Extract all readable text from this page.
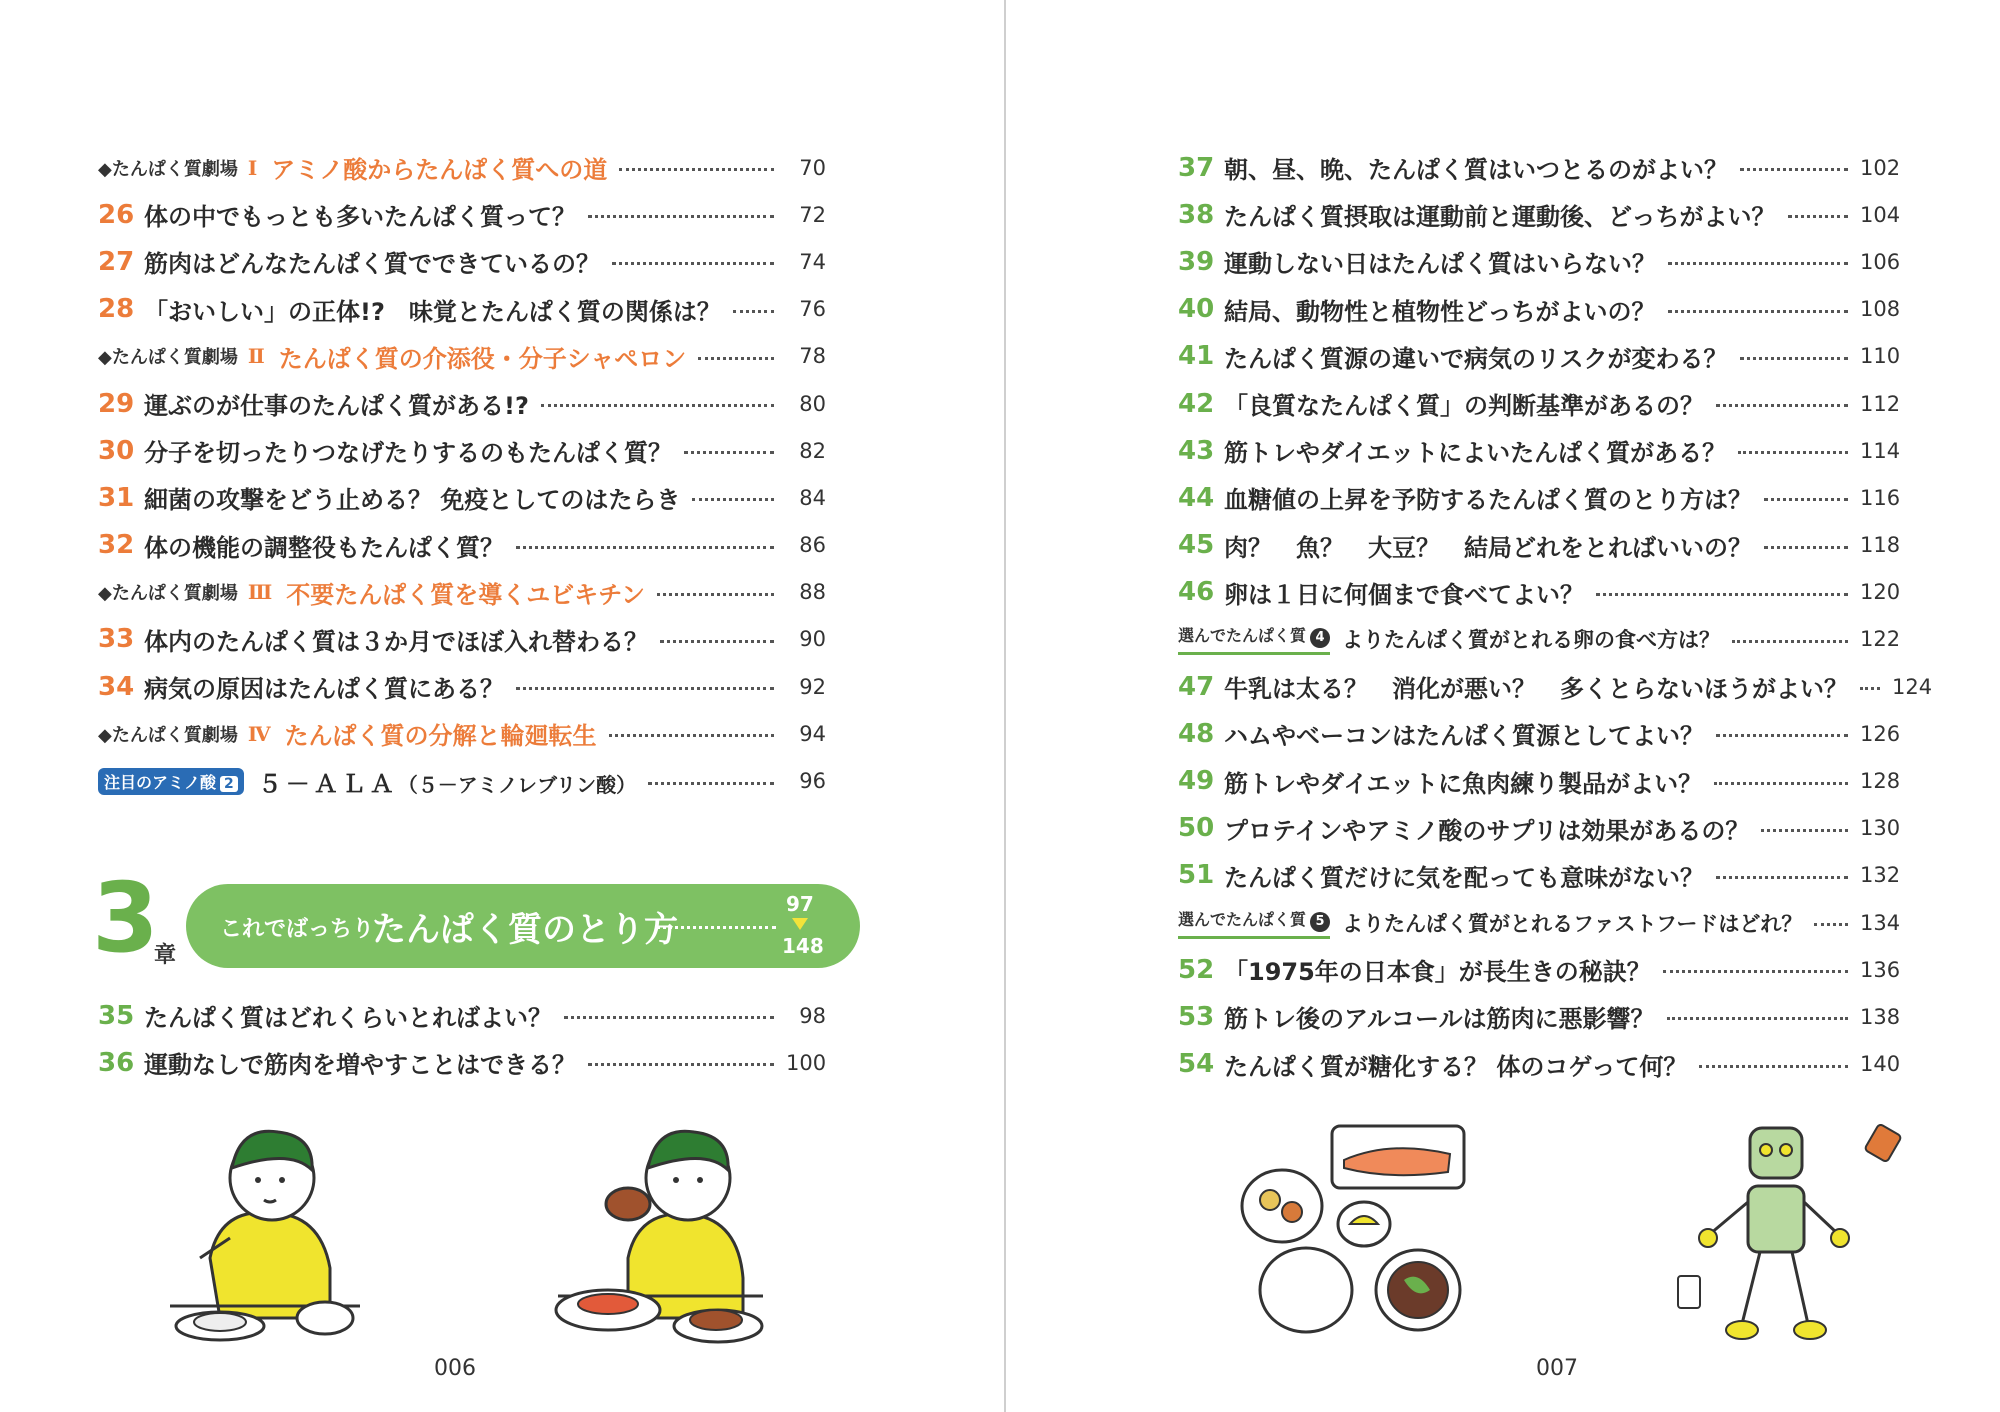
◆たんぱく質劇場 Ⅰ アミノ酸からたんぱく質への道	70
26 体の中でもっとも多いたんぱく質って？	72
27 筋肉はどんなたんぱく質でできているの？	74
28 「おいしい」の正体!?　味覚とたんぱく質の関係は？	76
◆たんぱく質劇場 Ⅱ たんぱく質の介添役・分子シャペロン	78
29 運ぶのが仕事のたんぱく質がある!?	80
30 分子を切ったりつなげたりするのもたんぱく質？	82
31 細菌の攻撃をどう止める？ 免疫としてのはたらき	84
32 体の機能の調整役もたんぱく質？	86
◆たんぱく質劇場 Ⅲ 不要たんぱく質を導くユビキチン	88
33 体内のたんぱく質は３か月でほぼ入れ替わる？	90
34 病気の原因はたんぱく質にある？	92
◆たんぱく質劇場 Ⅳ たんぱく質の分解と輪廻転生	94
注目のアミノ酸 2	５－ＡＬＡ（５－アミノレブリン酸）	96
3
章
これでばっちり
たんぱく質のとり方
97
148
35 たんぱく質はどれくらいとればよい？	98
36 運動なしで筋肉を増やすことはできる？	100
006
37 朝、昼、晩、たんぱく質はいつとるのがよい？	102
38 たんぱく質摂取は運動前と運動後、どっちがよい？	104
39 運動しない日はたんぱく質はいらない？	106
40 結局、動物性と植物性どっちがよいの？	108
41 たんぱく質源の違いで病気のリスクが変わる？	110
42 「良質なたんぱく質」の判断基準があるの？	112
43 筋トレやダイエットによいたんぱく質がある？	114
44 血糖値の上昇を予防するたんぱく質のとり方は？	116
45 肉？　魚？　大豆？　結局どれをとればいいの？	118
46 卵は１日に何個まで食べてよい？	120
選んでたんぱく質 4 よりたんぱく質がとれる卵の食べ方は？	122
47 牛乳は太る？　消化が悪い？　多くとらないほうがよい？ 124
48 ハムやベーコンはたんぱく質源としてよい？	126
49 筋トレやダイエットに魚肉練り製品がよい？	128
50 プロテインやアミノ酸のサプリは効果があるの？	130
51 たんぱく質だけに気を配っても意味がない？	132
選んでたんぱく質 5 よりたんぱく質がとれるファストフードはどれ？	134
52 「1975年の日本食」が長生きの秘訣？	136
53 筋トレ後のアルコールは筋肉に悪影響？	138
54 たんぱく質が糖化する？ 体のコゲって何？	140
007
